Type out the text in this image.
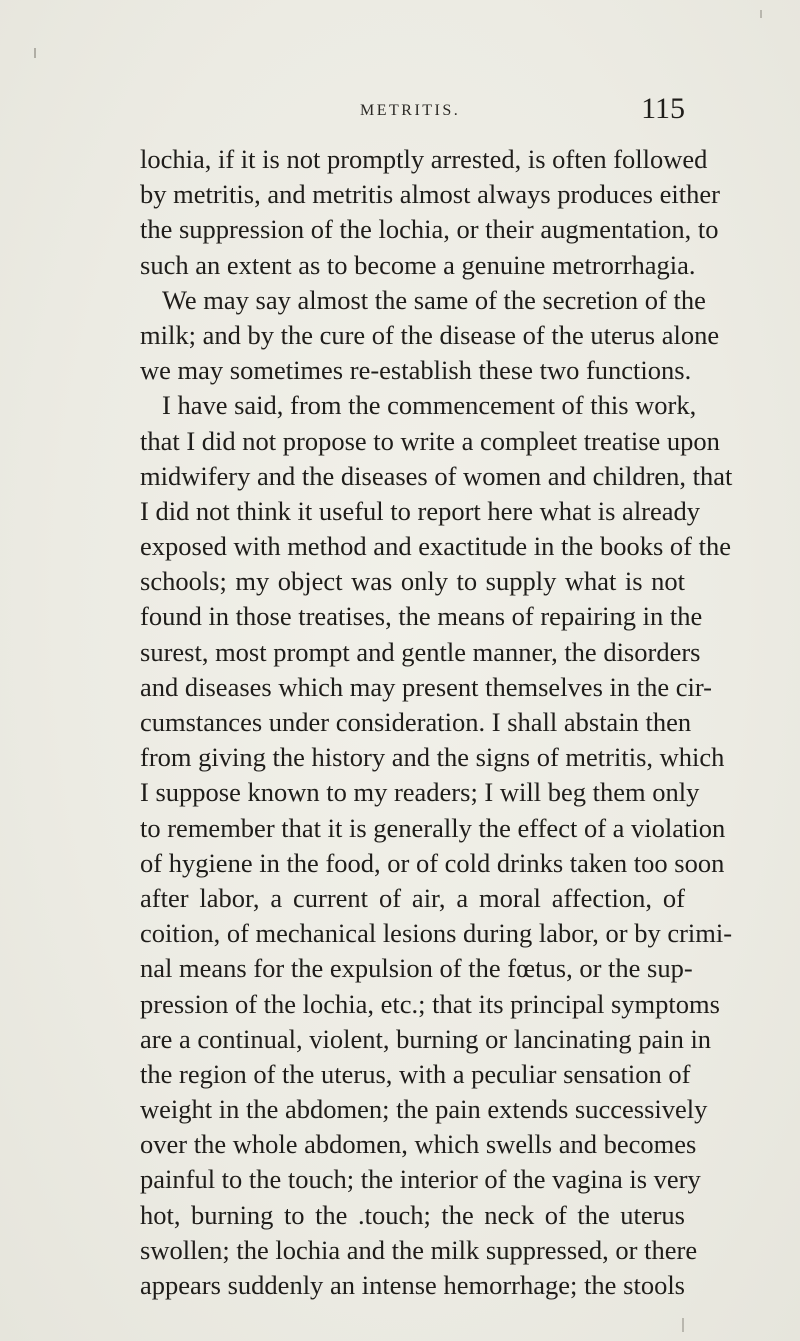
METRITIS.	115
lochia, if it is not promptly arrested, is often followed
by metritis, and metritis almost always produces either
the suppression of the lochia, or their augmentation, to
such an extent as to become a genuine metrorrhagia.
We may say almost the same of the secretion of the
milk; and by the cure of the disease of the uterus alone
we may sometimes re-establish these two functions.
I have said, from the commencement of this work,
that I did not propose to write a compleet treatise upon
midwifery and the diseases of women and children, that
I did not think it useful to report here what is already
exposed with method and exactitude in the books of the
schools; my object was only to supply what is not
found in those treatises, the means of repairing in the
surest, most prompt and gentle manner, the disorders
and diseases which may present themselves in the cir-
cumstances under consideration. I shall abstain then
from giving the history and the signs of metritis, which
I suppose known to my readers; I will beg them only
to remember that it is generally the effect of a violation
of hygiene in the food, or of cold drinks taken too soon
after labor, a current of air, a moral affection, of
coition, of mechanical lesions during labor, or by crimi-
nal means for the expulsion of the fœtus, or the sup-
pression of the lochia, etc.; that its principal symptoms
are a continual, violent, burning or lancinating pain in
the region of the uterus, with a peculiar sensation of
weight in the abdomen; the pain extends successively
over the whole abdomen, which swells and becomes
painful to the touch; the interior of the vagina is very
hot, burning to the .touch; the neck of the uterus
swollen; the lochia and the milk suppressed, or there
appears suddenly an intense hemorrhage; the stools
